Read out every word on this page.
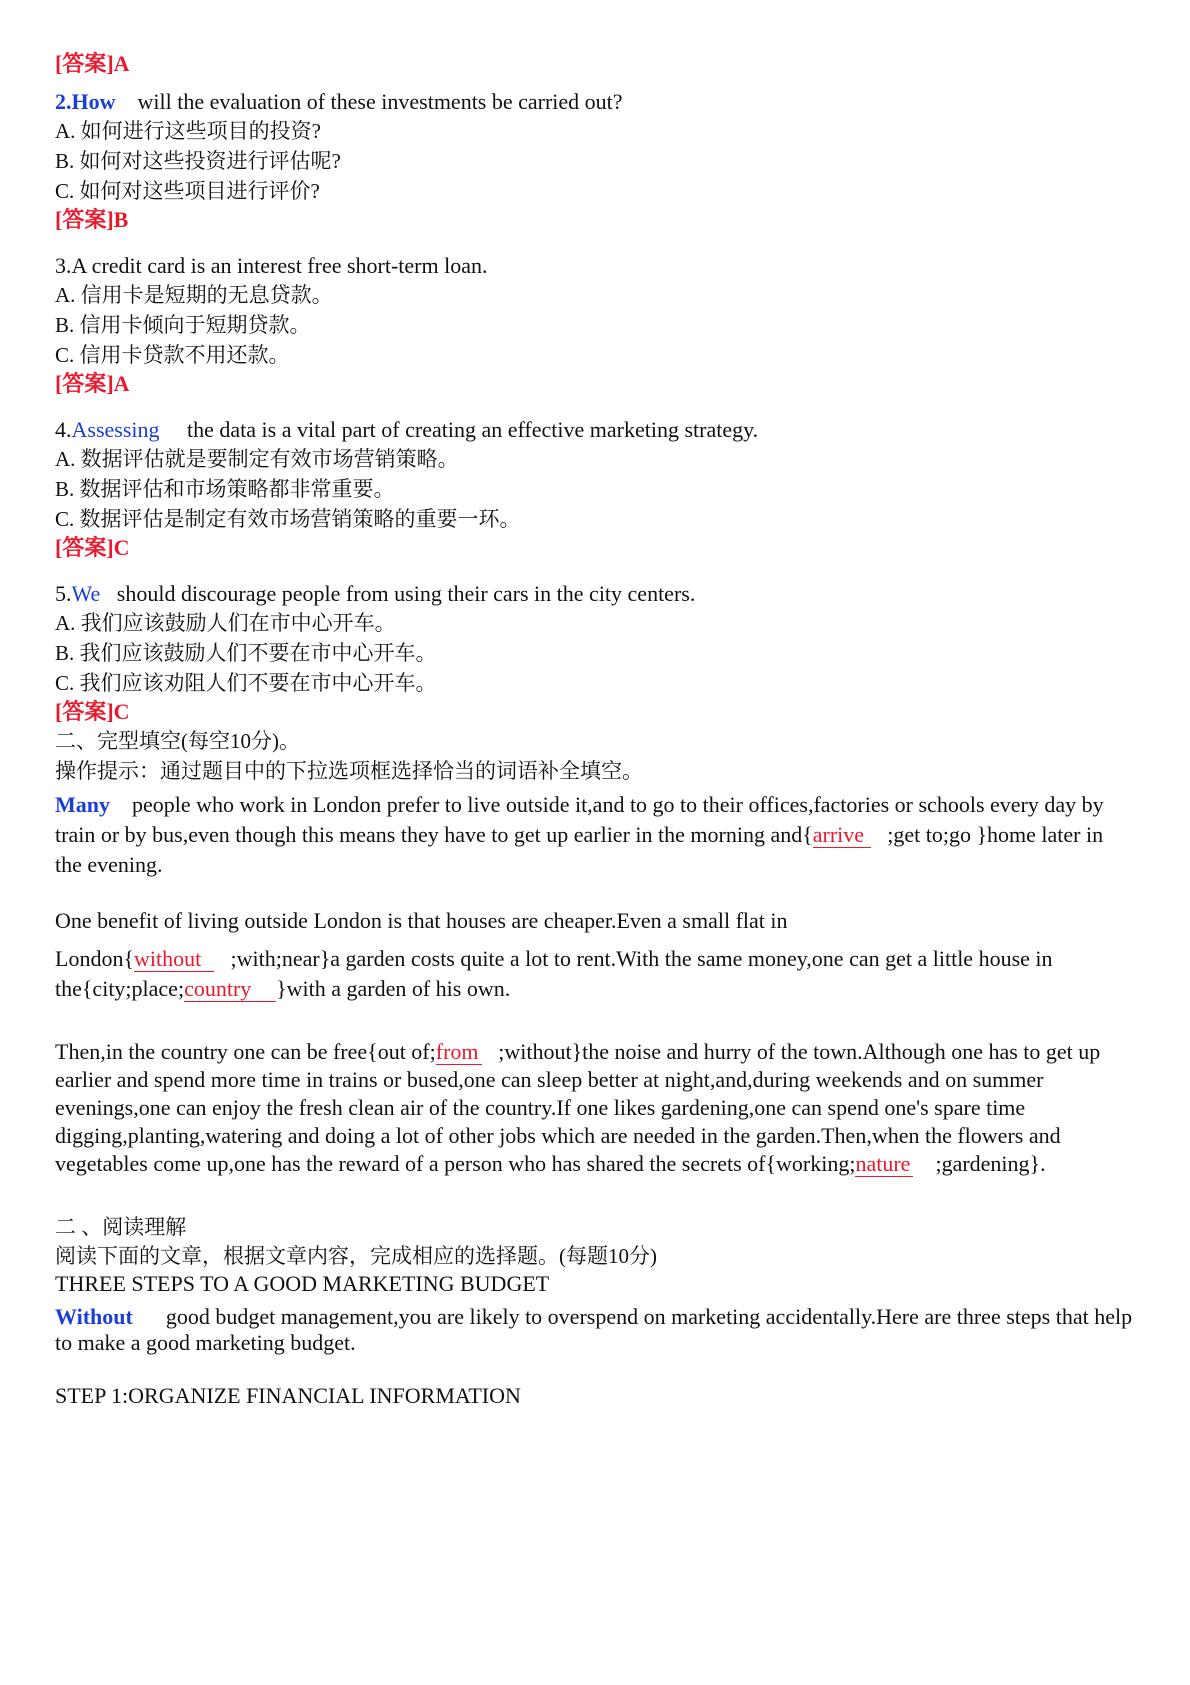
[答案]A
2.How will the evaluation of these investments be carried out?
A. 如何进行这些项目的投资?
B. 如何对这些投资进行评估呢?
C. 如何对这些项目进行评价?
[答案]B
3.A credit card is an interest free short-term loan.
A. 信用卡是短期的无息贷款。
B. 信用卡倾向于短期贷款。
C. 信用卡贷款不用还款。
[答案]A
4.Assessing the data is a vital part of creating an effective marketing strategy.
A. 数据评估就是要制定有效市场营销策略。
B. 数据评估和市场策略都非常重要。
C. 数据评估是制定有效市场营销策略的重要一环。
[答案]C
5.We should discourage people from using their cars in the city centers.
A. 我们应该鼓励人们在市中心开车。
B. 我们应该鼓励人们不要在市中心开车。
C. 我们应该劝阻人们不要在市中心开车。
[答案]C
二、完型填空(每空10分)。
操作提示：通过题目中的下拉选项框选择恰当的词语补全填空。
Many people who work in London prefer to live outside it,and to go to their offices,factories or schools every day by train or by bus,even though this means they have to get up earlier in the morning and{arrive ;get to;go }home later in the evening.
One benefit of living outside London is that houses are cheaper.Even a small flat in
London{without ;with;near}a garden costs quite a lot to rent.With the same money,one can get a little house in the{city;place;country }with a garden of his own.
Then,in the country one can be free{out of;from ;without}the noise and hurry of the town.Although one has to get up earlier and spend more time in trains or bused,one can sleep better at night,and,during weekends and on summer evenings,one can enjoy the fresh clean air of the country.If one likes gardening,one can spend one's spare time digging,planting,watering and doing a lot of other jobs which are needed in the garden.Then,when the flowers and vegetables come up,one has the reward of a person who has shared the secrets of{working;nature ;gardening}.
二 、阅读理解
阅读下面的文章，根据文章内容，完成相应的选择题。(每题10分)
THREE STEPS TO A GOOD MARKETING BUDGET
Without good budget management,you are likely to overspend on marketing accidentally.Here are three steps that help to make a good marketing budget.
STEP 1:ORGANIZE FINANCIAL INFORMATION
